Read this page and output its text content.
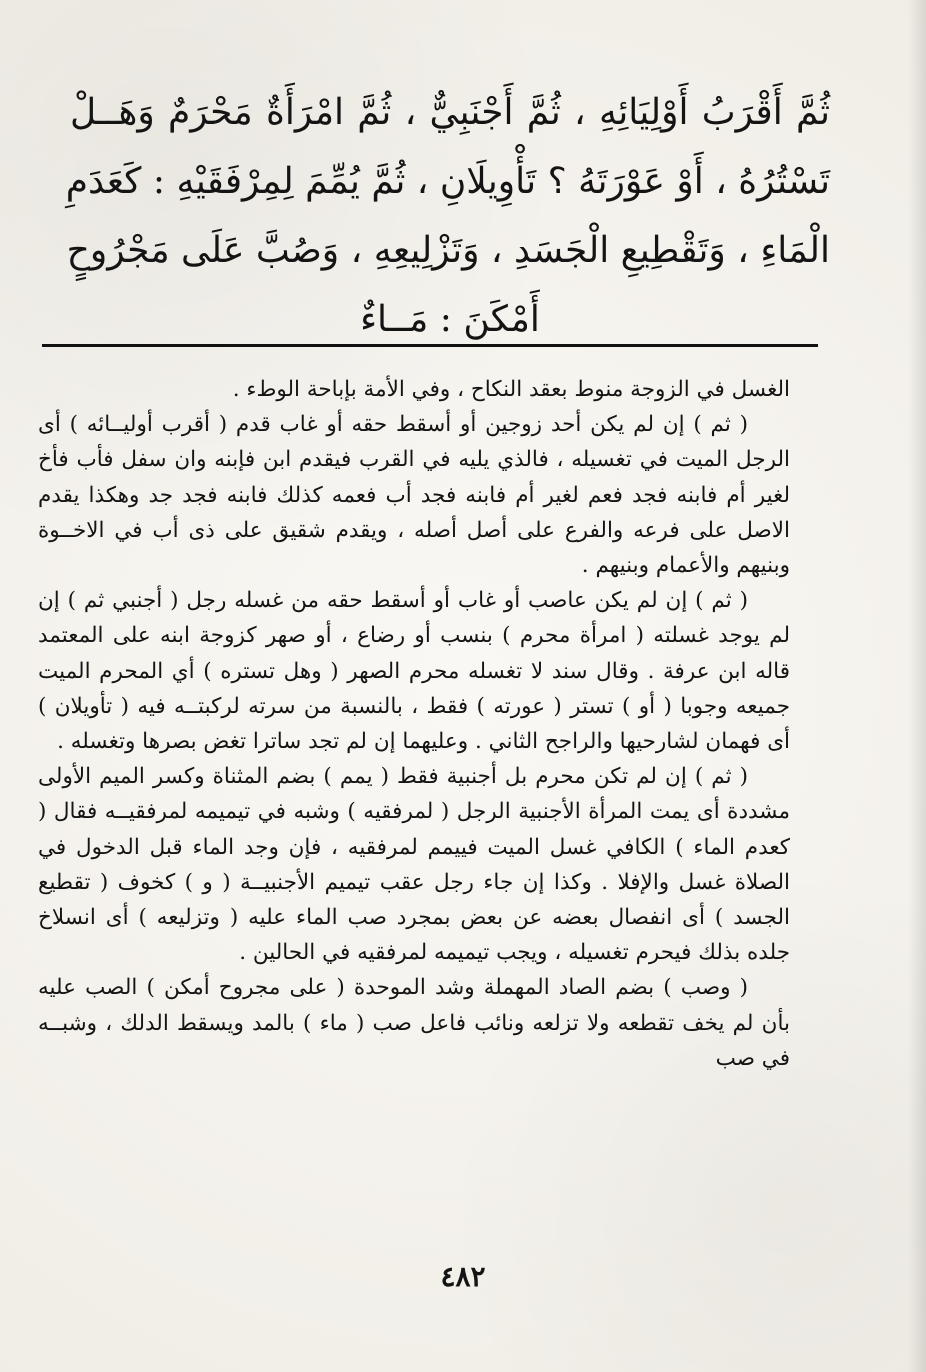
ثُمَّ أَقْرَبُ أَوْلِيَائِهِ ، ثُمَّ أَجْنَبِيٌّ ، ثُمَّ امْرَأَةٌ مَحْرَمٌ وَهَــلْ
تَسْتُرُهُ ، أَوْ عَوْرَتَهُ ؟ تَأْوِيلَانِ ، ثُمَّ يُمِّمَ لِمِرْفَقَيْهِ : كَعَدَمِ
الْمَاءِ ، وَتَقْطِيعِ الْجَسَدِ ، وَتَزْلِيعِهِ ، وَصُبَّ عَلَى مَجْرُوحٍ
أَمْكَنَ : مَــاءٌ

الغسل في الزوجة منوط بعقد النكاح ، وفي الأمة بإباحة الوطء .

( ثم ) إن لم يكن أحد زوجين أو أسقط حقه أو غاب قدم ( أقرب أوليــائه ) أى الرجل الميت في تغسيله ، فالذي يليه في القرب فيقدم ابن فإبنه وان سفل فأب فأخ لغير أم فابنه فجد فعم لغير أم فابنه فجد أب فعمه كذلك فابنه فجد جد وهكذا يقدم الاصل على فرعه والفرع على أصل أصله ، ويقدم شقيق على ذى أب في الاخــوة وبنيهم والأعمام وبنيهم .

( ثم ) إن لم يكن عاصب أو غاب أو أسقط حقه من غسله رجل ( أجنبي ثم ) إن لم يوجد غسلته ( امرأة محرم ) بنسب أو رضاع ، أو صهر كزوجة ابنه على المعتمد قاله ابن عرفة . وقال سند لا تغسله محرم الصهر ( وهل تستره ) أي المحرم الميت جميعه وجوبا ( أو ) تستر ( عورته ) فقط ، بالنسبة من سرته لركبتــه فيه ( تأويلان ) أى فهمان لشارحيها والراجح الثاني . وعليهما إن لم تجد ساترا تغض بصرها وتغسله .

( ثم ) إن لم تكن محرم بل أجنبية فقط ( يمم ) بضم المثناة وكسر الميم الأولى مشددة أى يمت المرأة الأجنبية الرجل ( لمرفقيه ) وشبه في تيميمه لمرفقيــه فقال ( كعدم الماء ) الكافي غسل الميت فييمم لمرفقيه ، فإن وجد الماء قبل الدخول في الصلاة غسل والإفلا . وكذا إن جاء رجل عقب تيميم الأجنبيــة ( و ) كخوف ( تقطيع الجسد ) أى انفصال بعضه عن بعض بمجرد صب الماء عليه ( وتزليعه ) أى انسلاخ جلده بذلك فيحرم تغسيله ، ويجب تيميمه لمرفقيه في الحالين .

( وصب ) بضم الصاد المهملة وشد الموحدة ( على مجروح أمكن ) الصب عليه بأن لم يخف تقطعه ولا تزلعه ونائب فاعل صب ( ماء ) بالمد ويسقط الدلك ، وشبــه في صب

٤٨٢
